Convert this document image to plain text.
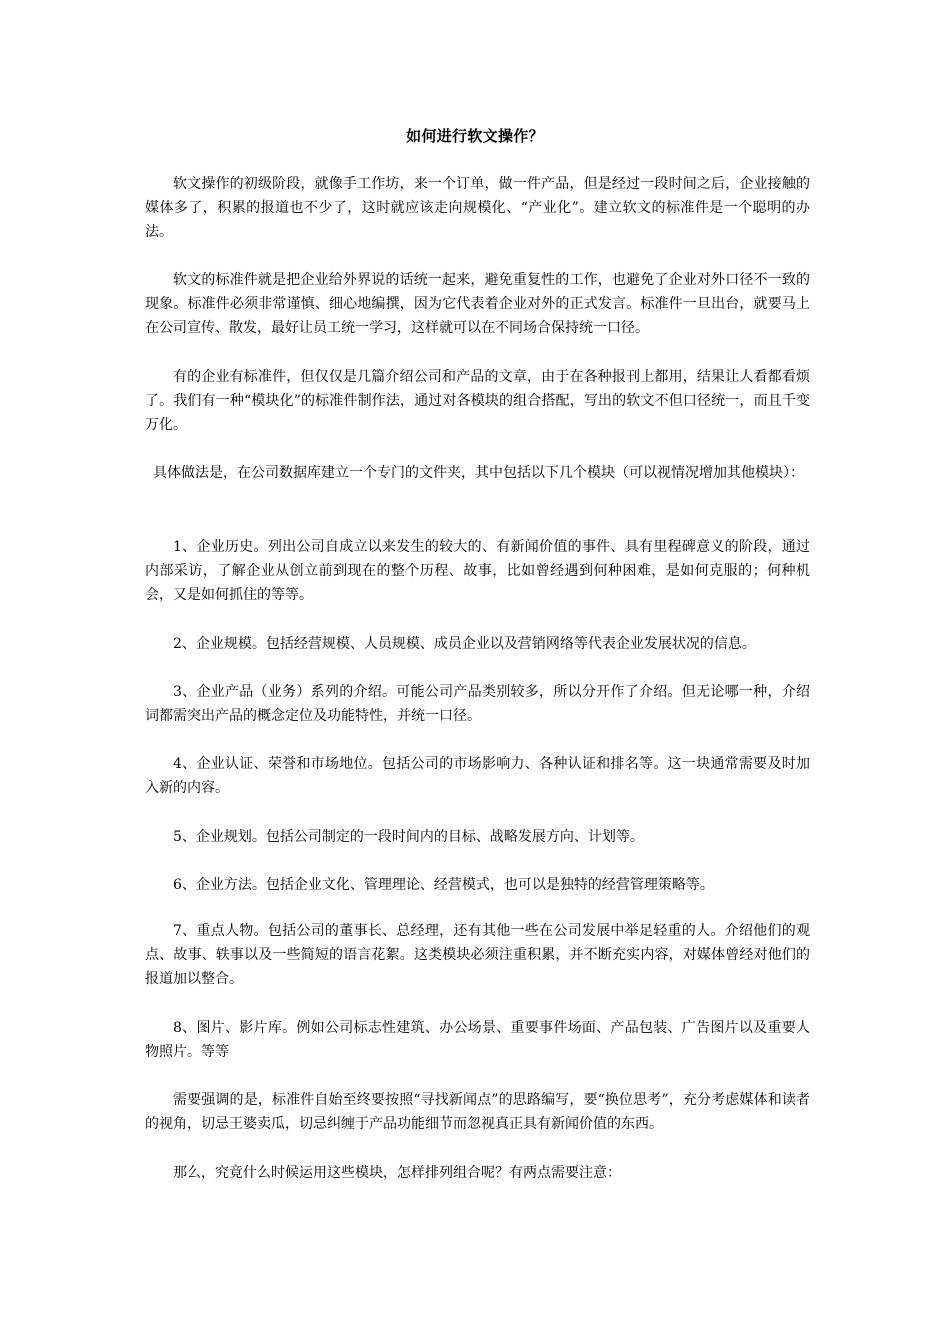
如何进行软文操作？

软文操作的初级阶段，就像手工作坊，来一个订单，做一件产品，但是经过一段时间之后，企业接触的媒体多了，积累的报道也不少了，这时就应该走向规模化、“产业化”。建立软文的标准件是一个聪明的办法。

软文的标准件就是把企业给外界说的话统一起来，避免重复性的工作，也避免了企业对外口径不一致的现象。标准件必须非常谨慎、细心地编撰，因为它代表着企业对外的正式发言。标准件一旦出台，就要马上在公司宣传、散发，最好让员工统一学习，这样就可以在不同场合保持统一口径。

有的企业有标准件，但仅仅是几篇介绍公司和产品的文章，由于在各种报刊上都用，结果让人看都看烦了。我们有一种“模块化”的标准件制作法，通过对各模块的组合搭配，写出的软文不但口径统一，而且千变万化。

具体做法是，在公司数据库建立一个专门的文件夹，其中包括以下几个模块（可以视情况增加其他模块）：

1、企业历史。列出公司自成立以来发生的较大的、有新闻价值的事件、具有里程碑意义的阶段，通过内部采访，了解企业从创立前到现在的整个历程、故事，比如曾经遇到何种困难，是如何克服的；何种机会，又是如何抓住的等等。

2、企业规模。包括经营规模、人员规模、成员企业以及营销网络等代表企业发展状况的信息。

3、企业产品（业务）系列的介绍。可能公司产品类别较多，所以分开作了介绍。但无论哪一种，介绍词都需突出产品的概念定位及功能特性，并统一口径。

4、企业认证、荣誉和市场地位。包括公司的市场影响力、各种认证和排名等。这一块通常需要及时加入新的内容。

5、企业规划。包括公司制定的一段时间内的目标、战略发展方向、计划等。

6、企业方法。包括企业文化、管理理论、经营模式，也可以是独特的经营管理策略等。

7、重点人物。包括公司的董事长、总经理，还有其他一些在公司发展中举足轻重的人。介绍他们的观点、故事、轶事以及一些简短的语言花絮。这类模块必须注重积累，并不断充实内容，对媒体曾经对他们的报道加以整合。

8、图片、影片库。例如公司标志性建筑、办公场景、重要事件场面、产品包装、广告图片以及重要人物照片。等等

需要强调的是，标准件自始至终要按照“寻找新闻点”的思路编写，要“换位思考”，充分考虑媒体和读者的视角，切忌王婆卖瓜，切忌纠缠于产品功能细节而忽视真正具有新闻价值的东西。

那么，究竟什么时候运用这些模块，怎样排列组合呢？有两点需要注意：
